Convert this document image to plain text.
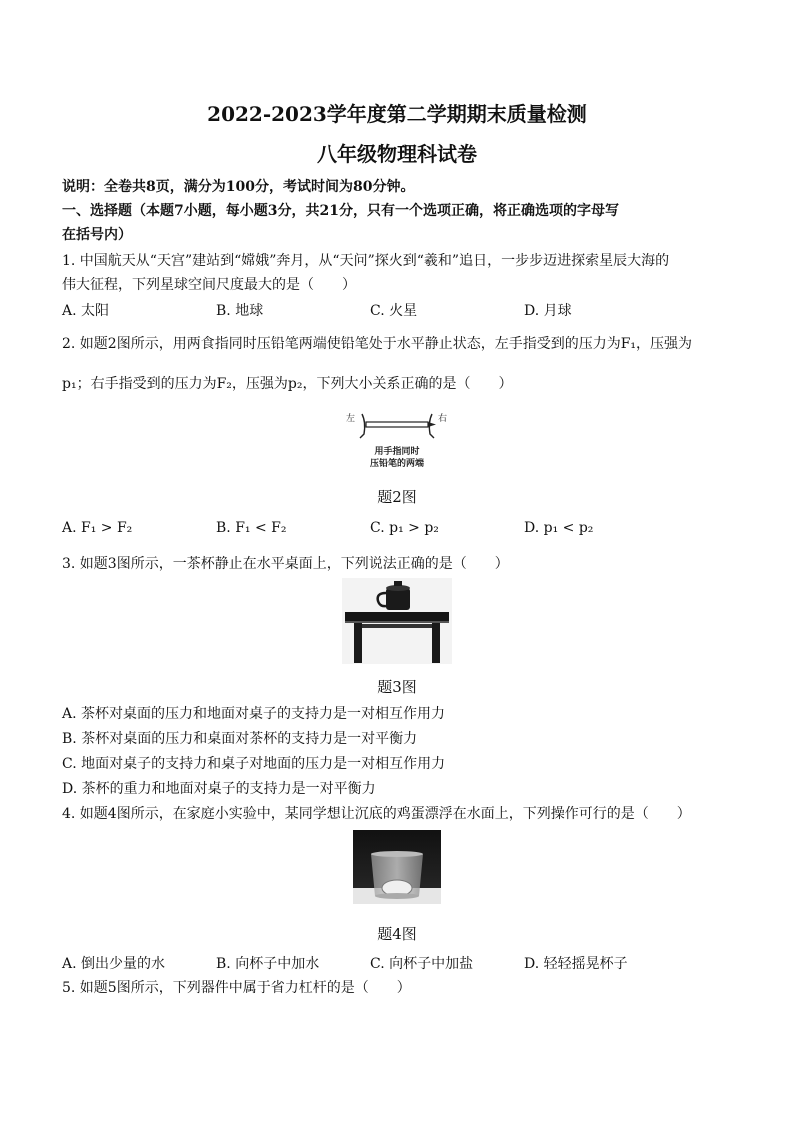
2022-2023学年度第二学期期末质量检测
八年级物理科试卷
说明：全卷共8页，满分为100分，考试时间为80分钟。
一、选择题（本题7小题，每小题3分，共21分，只有一个选项正确，将正确选项的字母写
在括号内）
1. 中国航天从“天宫”建站到“嫦娥”奔月，从“天问”探火到“羲和”追日，一步步迈进探索星辰大海的
伟大征程，下列星球空间尺度最大的是（　　）
A. 太阳	B. 地球	C. 火星	D. 月球
2. 如题2图所示，用两食指同时压铅笔两端使铅笔处于水平静止状态，左手指受到的压力为F₁，压强为
p₁；右手指受到的压力为F₂，压强为p₂，下列大小关系正确的是（　　）
左	右
用手指同时
压铅笔的两端
题2图
A. F₁ > F₂	B. F₁ < F₂	C. p₁ > p₂	D. p₁ < p₂
3. 如题3图所示，一茶杯静止在水平桌面上，下列说法正确的是（　　）
题3图
A. 茶杯对桌面的压力和地面对桌子的支持力是一对相互作用力
B. 茶杯对桌面的压力和桌面对茶杯的支持力是一对平衡力
C. 地面对桌子的支持力和桌子对地面的压力是一对相互作用力
D. 茶杯的重力和地面对桌子的支持力是一对平衡力
4. 如题4图所示，在家庭小实验中，某同学想让沉底的鸡蛋漂浮在水面上，下列操作可行的是（　　）
题4图
A. 倒出少量的水	B. 向杯子中加水	C. 向杯子中加盐	D. 轻轻摇晃杯子
5. 如题5图所示，下列器件中属于省力杠杆的是（　　）
